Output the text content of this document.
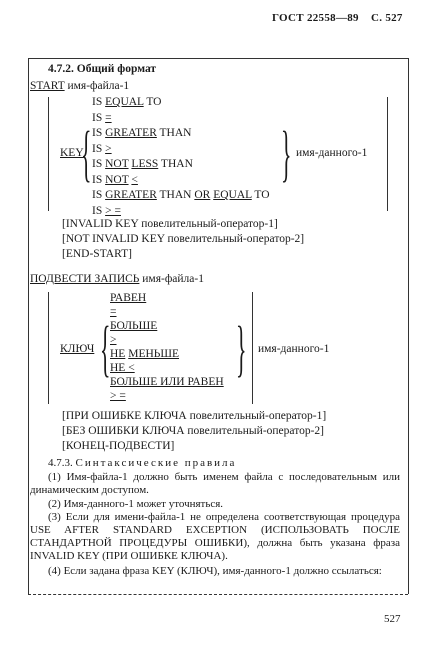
ГОСТ 22558—89 С. 527
4.7.2. Общий формат
START имя-файла-1
{	}
KEY
IS EQUAL TO
IS =
IS GREATER THAN
IS >
IS NOT LESS THAN
IS NOT <
IS GREATER THAN OR EQUAL TO
IS > =
имя-данного-1
[INVALID KEY повелительный-оператор-1]
[NOT INVALID KEY повелительный-оператор-2]
[END-START]
ПОДВЕСТИ ЗАПИСЬ имя-файла-1
{ }
КЛЮЧ
РАВЕН
=
БОЛЬШЕ
>
НЕ МЕНЬШЕ
НЕ <
БОЛЬШЕ ИЛИ РАВЕН
> =
имя-данного-1
[ПРИ ОШИБКЕ КЛЮЧА повелительный-оператор-1]
[БЕЗ ОШИБКИ КЛЮЧА повелительный-оператор-2]
[КОНЕЦ-ПОДВЕСТИ]
4.7.3. Синтаксические правила
(1) Имя-файла-1 должно быть именем файла с последовательным или динамическим доступом.
(2) Имя-данного-1 может уточняться.
(3) Если для имени-файла-1 не определена соответствующая процедура USE AFTER STANDARD EXCEPTION (ИСПОЛЬЗОВАТЬ ПОСЛЕ СТАНДАРТНОЙ ПРОЦЕДУРЫ ОШИБКИ), должна быть указана фраза INVALID KEY (ПРИ ОШИБКЕ КЛЮЧА).
(4) Если задана фраза KEY (КЛЮЧ), имя-данного-1 должно ссылаться:
527
